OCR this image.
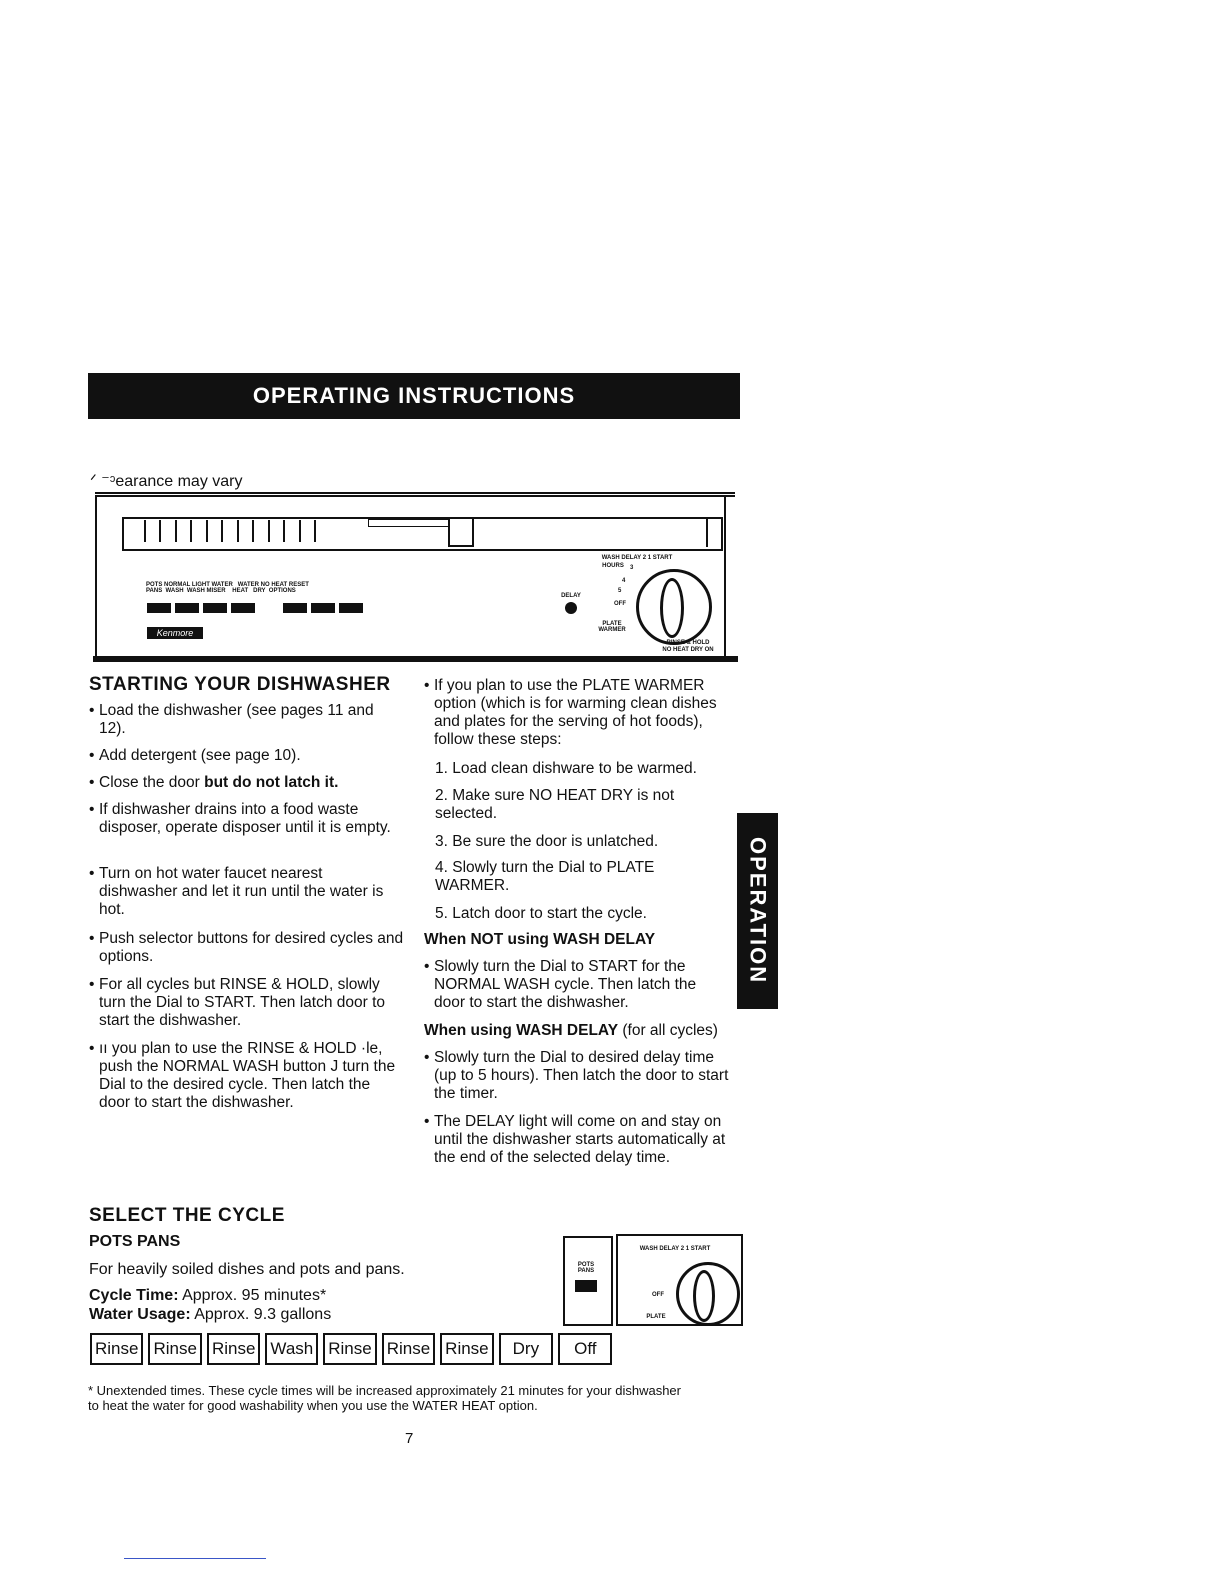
OPERATING INSTRUCTIONS
ᐟ ⁻ᵓearance may vary
POTS NORMAL LIGHT WATER   WATER NO HEAT RESET
PANS  WASH  WASH MISER    HEAT   DRY  OPTIONS
Kenmore
WASH DELAY 2 1 START
HOURS	3
4
5
DELAY
OFF
PLATE WARMER
RINSE & HOLD
NO HEAT DRY ON
STARTING YOUR DISHWASHER
• Load the dishwasher (see pages 11 and 12).
• Add detergent (see page 10).
• Close the door but do not latch it.
• If dishwasher drains into a food waste disposer, operate disposer until it is empty.
• Turn on hot water faucet nearest dishwasher and let it run until the water is hot.
• Push selector buttons for desired cycles and options.
• For all cycles but RINSE & HOLD, slowly turn the Dial to START. Then latch door to start the dishwasher.
• ıı you plan to use the RINSE & HOLD ·le, push the NORMAL WASH button J turn the Dial to the desired cycle. Then latch the door to start the dishwasher.
• If you plan to use the PLATE WARMER option (which is for warming clean dishes and plates for the serving of hot foods), follow these steps:
1. Load clean dishware to be warmed.
2. Make sure NO HEAT DRY is not selected.
3. Be sure the door is unlatched.
4. Slowly turn the Dial to PLATE WARMER.
5. Latch door to start the cycle.
When NOT using WASH DELAY
• Slowly turn the Dial to START for the NORMAL WASH cycle. Then latch the door to start the dishwasher.
When using WASH DELAY (for all cycles)
• Slowly turn the Dial to desired delay time (up to 5 hours). Then latch the door to start the timer.
• The DELAY light will come on and stay on until the dishwasher starts automatically at the end of the selected delay time.
OPERATION
SELECT THE CYCLE
POTS PANS
For heavily soiled dishes and pots and pans.
Cycle Time: Approx. 95 minutes*
Water Usage: Approx. 9.3 gallons
POTS PANS
WASH DELAY 2 1 START
OFF
PLATE
Rinse Rinse Rinse Wash Rinse Rinse Rinse	Dry	Off
* Unextended times. These cycle times will be increased approximately 21 minutes for your dishwasher to heat the water for good washability when you use the WATER HEAT option.
7
